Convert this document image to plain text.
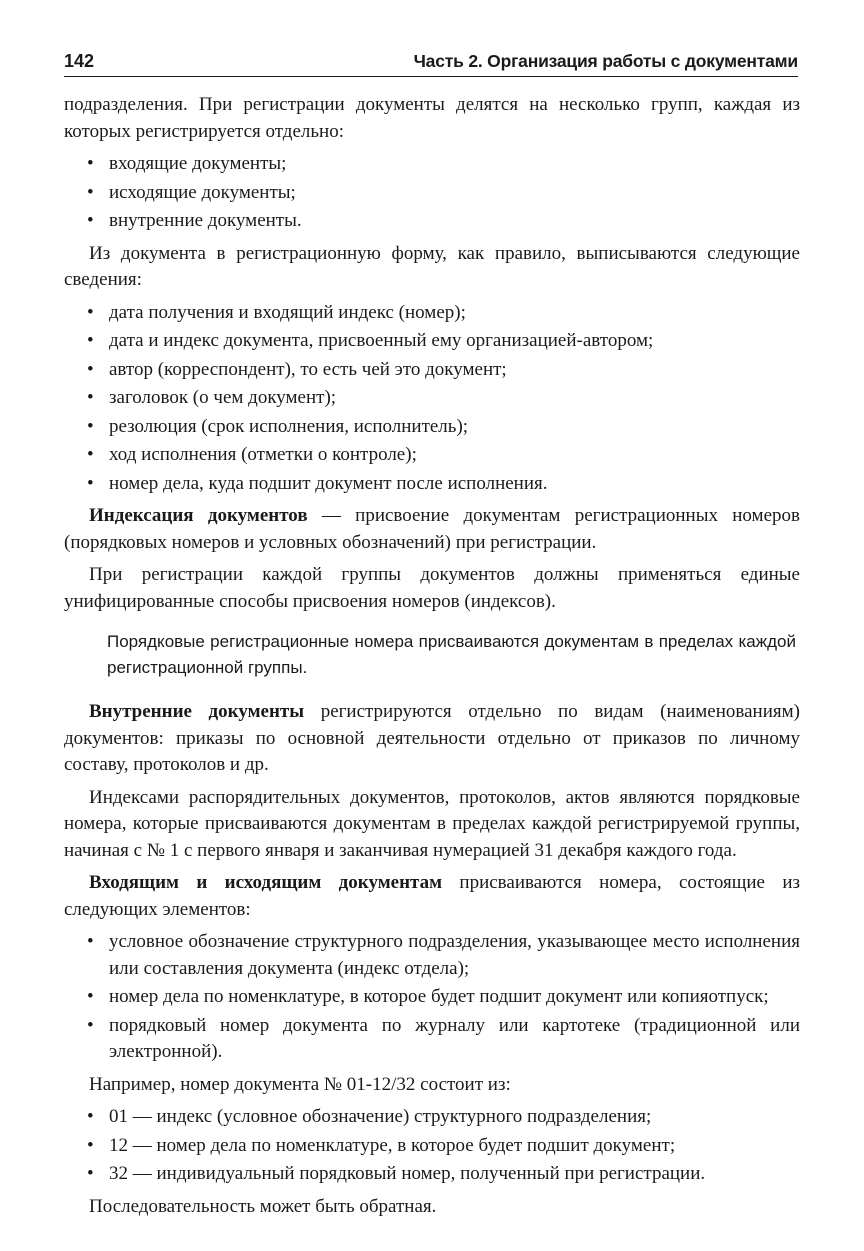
142	Часть 2. Организация работы с документами

подразделения. При регистрации документы делятся на несколько групп, каждая из которых регистрируется отдельно:

• входящие документы;
• исходящие документы;
• внутренние документы.

Из документа в регистрационную форму, как правило, выписываются следующие сведения:

• дата получения и входящий индекс (номер);
• дата и индекс документа, присвоенный ему организацией-автором;
• автор (корреспондент), то есть чей это документ;
• заголовок (о чем документ);
• резолюция (срок исполнения, исполнитель);
• ход исполнения (отметки о контроле);
• номер дела, куда подшит документ после исполнения.

Индексация документов — присвоение документам регистрационных номеров (порядковых номеров и условных обозначений) при регистрации.

При регистрации каждой группы документов должны применяться единые унифицированные способы присвоения номеров (индексов).

Порядковые регистрационные номера присваиваются документам в пределах каждой регистрационной группы.

Внутренние документы регистрируются отдельно по видам (наименованиям) документов: приказы по основной деятельности отдельно от приказов по личному составу, протоколов и др.

Индексами распорядительных документов, протоколов, актов являются порядковые номера, которые присваиваются документам в пределах каждой регистрируемой группы, начиная с № 1 с первого января и заканчивая нумерацией 31 декабря каждого года.

Входящим и исходящим документам присваиваются номера, состоящие из следующих элементов:

• условное обозначение структурного подразделения, указывающее место исполнения или составления документа (индекс отдела);
• номер дела по номенклатуре, в которое будет подшит документ или копияотпуск;
• порядковый номер документа по журналу или картотеке (традиционной или электронной).

Например, номер документа № 01-12/32 состоит из:

• 01 — индекс (условное обозначение) структурного подразделения;
• 12 — номер дела по номенклатуре, в которое будет подшит документ;
• 32 — индивидуальный порядковый номер, полученный при регистрации.

Последовательность может быть обратная.
